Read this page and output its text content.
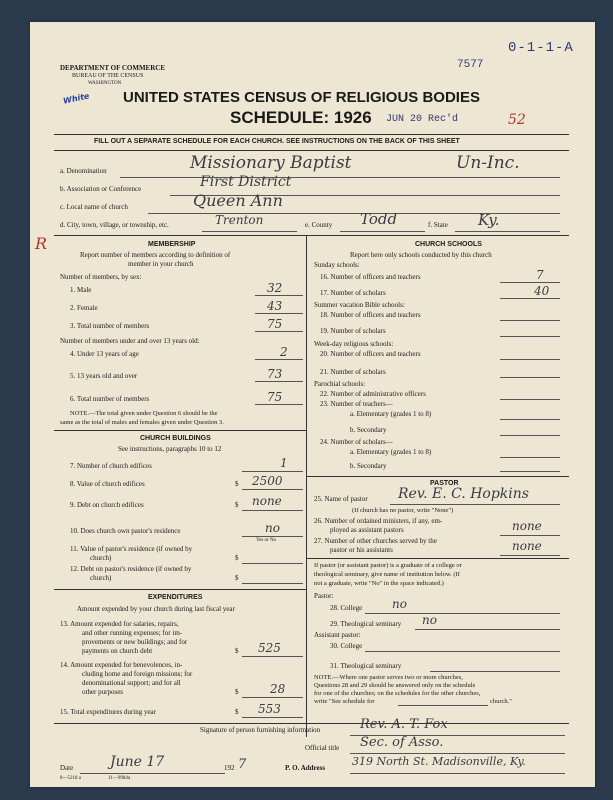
0-1-1-A
7577
DEPARTMENT OF COMMERCE
BUREAU OF THE CENSUS
WASHINGTON
White UNITED STATES CENSUS OF RELIGIOUS BODIES
SCHEDULE: 1926 JUN 20 Rec'd	52
FILL OUT A SEPARATE SCHEDULE FOR EACH CHURCH. SEE INSTRUCTIONS ON THE BACK OF THIS SHEET
R
a. Denomination	Missionary Baptist	Un-Inc.
b. Association or Conference	First District
c. Local name of church	Queen Ann
d. City, town, village, or township, etc.	Trenton	e. County Todd	f. State Ky.
MEMBERSHIP
Report number of members according to definition of
member in your church
Number of members, by sex:
1. Male	32
2. Female	43
3. Total number of members	75
Number of members under and over 13 years old:
4. Under 13 years of age	2
5. 13 years old and over	73
6. Total number of members	75
NOTE.—The total given under Question 6 should be the
same as the total of males and females given under Question 3.
CHURCH BUILDINGS
See instructions, paragraphs 10 to 12
7. Number of church edifices	1
8. Value of church edifices	$ 2500
9. Debt on church edifices	$ none
10. Does church own pastor's residence	no
Yes or No
11. Value of pastor's residence (if owned by
church)	$
12. Debt on pastor's residence (if owned by
church)	$
EXPENDITURES
Amount expended by your church during last fiscal year
13. Amount expended for salaries, repairs,
and other running expenses; for im-
provements or new buildings; and for
payments on church debt	$ 525
14. Amount expended for benevolences, in-
cluding home and foreign missions; for
denominational support; and for all
other purposes	$	28
15. Total expenditures during year	$ 553
CHURCH SCHOOLS
Report here only schools conducted by this church
Sunday schools:
16. Number of officers and teachers	7
17. Number of scholars	40
Summer vacation Bible schools:
18. Number of officers and teachers
19. Number of scholars
Week-day religious schools:
20. Number of officers and teachers
21. Number of scholars
Parochial schools:
22. Number of administrative officers
23. Number of teachers—
a. Elementary (grades 1 to 8)
b. Secondary
24. Number of scholars—
a. Elementary (grades 1 to 8)
b. Secondary
PASTOR
25. Name of pastor Rev. E. C. Hopkins
(If church has no pastor, write "None")
26. Number of ordained ministers, if any, em-
ployed as assistant pastors	none
27. Number of other churches served by the
pastor or his assistants	none
If pastor (or assistant pastor) is a graduate of a college or
theological seminary, give name of institution below. (If
not a graduate, write "No" in the space indicated.)
Pastor:
28. College no
29. Theological seminary no
Assistant pastor:
30. College
31. Theological seminary
NOTE.—Where one pastor serves two or more churches,
Questions 28 and 29 should be answered only on the schedule
for one of the churches; on the schedules for the other churches,
write "See schedule for	church."
Signature of person furnishing information	Rev. A. T. Fox
Official title Sec. of Asso.
Date	June 17	192 7	P. O. Address 319 North St. Madisonville, Ky.
8—5218 a	11—9984a
